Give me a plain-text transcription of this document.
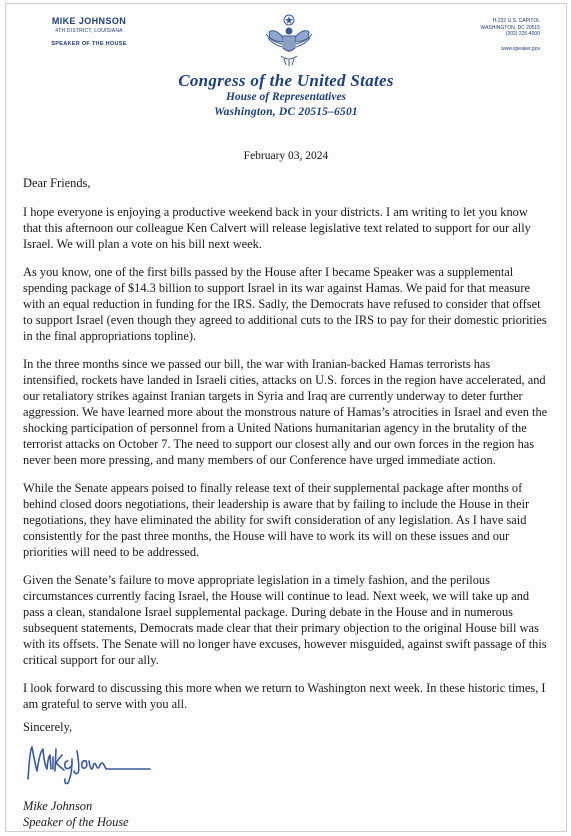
MIKE JOHNSON
4TH DISTRICT, LOUISIANA
SPEAKER OF THE HOUSE
H-232 U.S. CAPITOL
WASHINGTON, DC 20515
(202) 225-4000
www.speaker.gov
Congress of the United States
House of Representatives
Washington, DC 20515–6501
February 03, 2024

Dear Friends,

I hope everyone is enjoying a productive weekend back in your districts. I am writing to let you know that this afternoon our colleague Ken Calvert will release legislative text related to support for our ally Israel. We will plan a vote on his bill next week.

As you know, one of the first bills passed by the House after I became Speaker was a supplemental spending package of $14.3 billion to support Israel in its war against Hamas. We paid for that measure with an equal reduction in funding for the IRS. Sadly, the Democrats have refused to consider that offset to support Israel (even though they agreed to additional cuts to the IRS to pay for their domestic priorities in the final appropriations topline).

In the three months since we passed our bill, the war with Iranian-backed Hamas terrorists has intensified, rockets have landed in Israeli cities, attacks on U.S. forces in the region have accelerated, and our retaliatory strikes against Iranian targets in Syria and Iraq are currently underway to deter further aggression. We have learned more about the monstrous nature of Hamas’s atrocities in Israel and even the shocking participation of personnel from a United Nations humanitarian agency in the brutality of the terrorist attacks on October 7. The need to support our closest ally and our own forces in the region has never been more pressing, and many members of our Conference have urged immediate action.

While the Senate appears poised to finally release text of their supplemental package after months of behind closed doors negotiations, their leadership is aware that by failing to include the House in their negotiations, they have eliminated the ability for swift consideration of any legislation. As I have said consistently for the past three months, the House will have to work its will on these issues and our priorities will need to be addressed.

Given the Senate’s failure to move appropriate legislation in a timely fashion, and the perilous circumstances currently facing Israel, the House will continue to lead. Next week, we will take up and pass a clean, standalone Israel supplemental package. During debate in the House and in numerous subsequent statements, Democrats made clear that their primary objection to the original House bill was with its offsets. The Senate will no longer have excuses, however misguided, against swift passage of this critical support for our ally.

I look forward to discussing this more when we return to Washington next week. In these historic times, I am grateful to serve with you all.

Sincerely,
Mike Johnson
Speaker of the House
